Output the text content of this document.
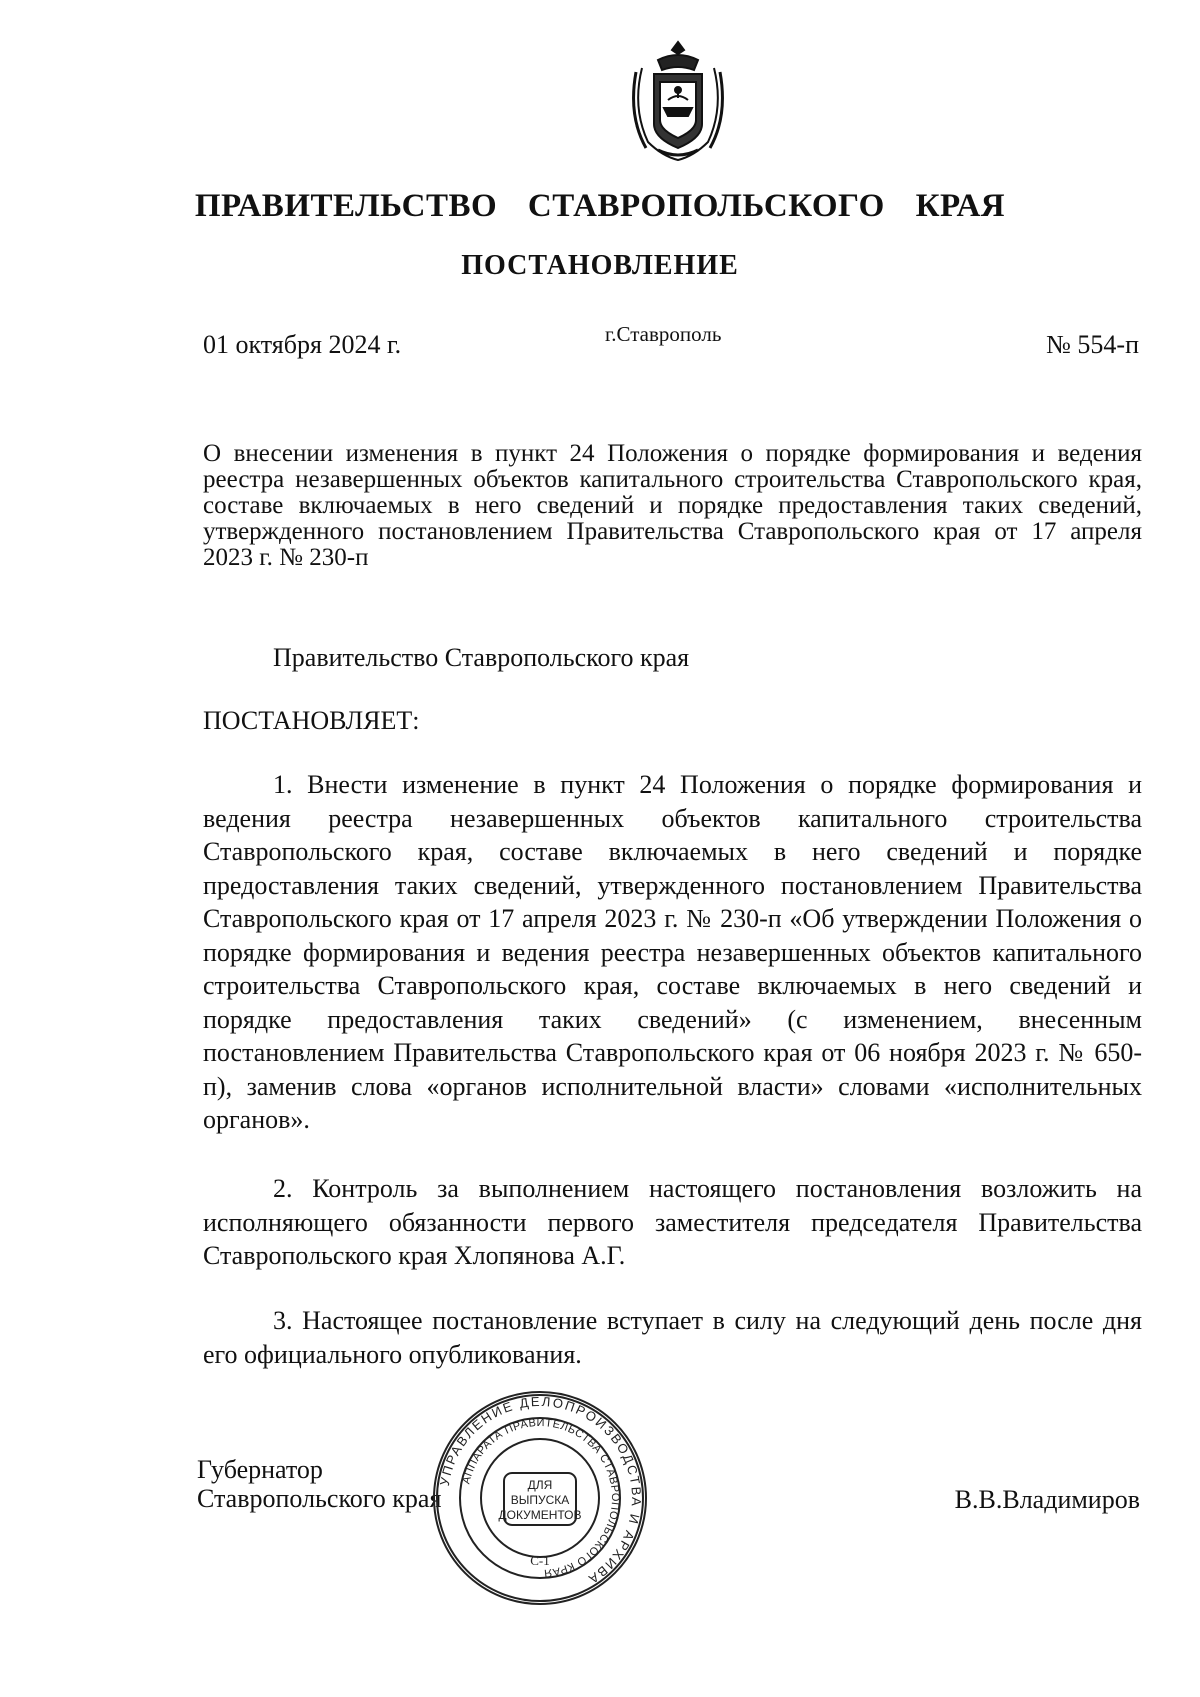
ПРАВИТЕЛЬСТВО СТАВРОПОЛЬСКОГО КРАЯ
ПОСТАНОВЛЕНИЕ
01 октября 2024 г.	г.Ставрополь	№ 554-п

О внесении изменения в пункт 24 Положения о порядке формирования и ведения реестра незавершенных объектов капитального строительства Ставропольского края, составе включаемых в него сведений и порядке предоставления таких сведений, утвержденного постановлением Правительства Ставропольского края от 17 апреля 2023 г. № 230-п

Правительство Ставропольского края

ПОСТАНОВЛЯЕТ:

1. Внести изменение в пункт 24 Положения о порядке формирования и ведения реестра незавершенных объектов капитального строительства Ставропольского края, составе включаемых в него сведений и порядке предоставления таких сведений, утвержденного постановлением Правительства Ставропольского края от 17 апреля 2023 г. № 230-п «Об утверждении Положения о порядке формирования и ведения реестра незавершенных объектов капитального строительства Ставропольского края, составе включаемых в него сведений и порядке предоставления таких сведений» (с изменением, внесенным постановлением Правительства Ставропольского края от 06 ноября 2023 г. № 650-п), заменив слова «органов исполнительной власти» словами «исполнительных органов».

2. Контроль за выполнением настоящего постановления возложить на исполняющего обязанности первого заместителя председателя Правительства Ставропольского края Хлопянова А.Г.

3. Настоящее постановление вступает в силу на следующий день после дня его официального опубликования.

Губернатор
Ставропольского края	В.В.Владимиров
УПРАВЛЕНИЕ ДЕЛОПРОИЗВОДСТВА И АРХИВА
АППАРАТА ПРАВИТЕЛЬСТВА СТАВРОПОЛЬСКОГО КРАЯ
ДЛЯ
ВЫПУСКА
ДОКУМЕНТОВ
С-1
